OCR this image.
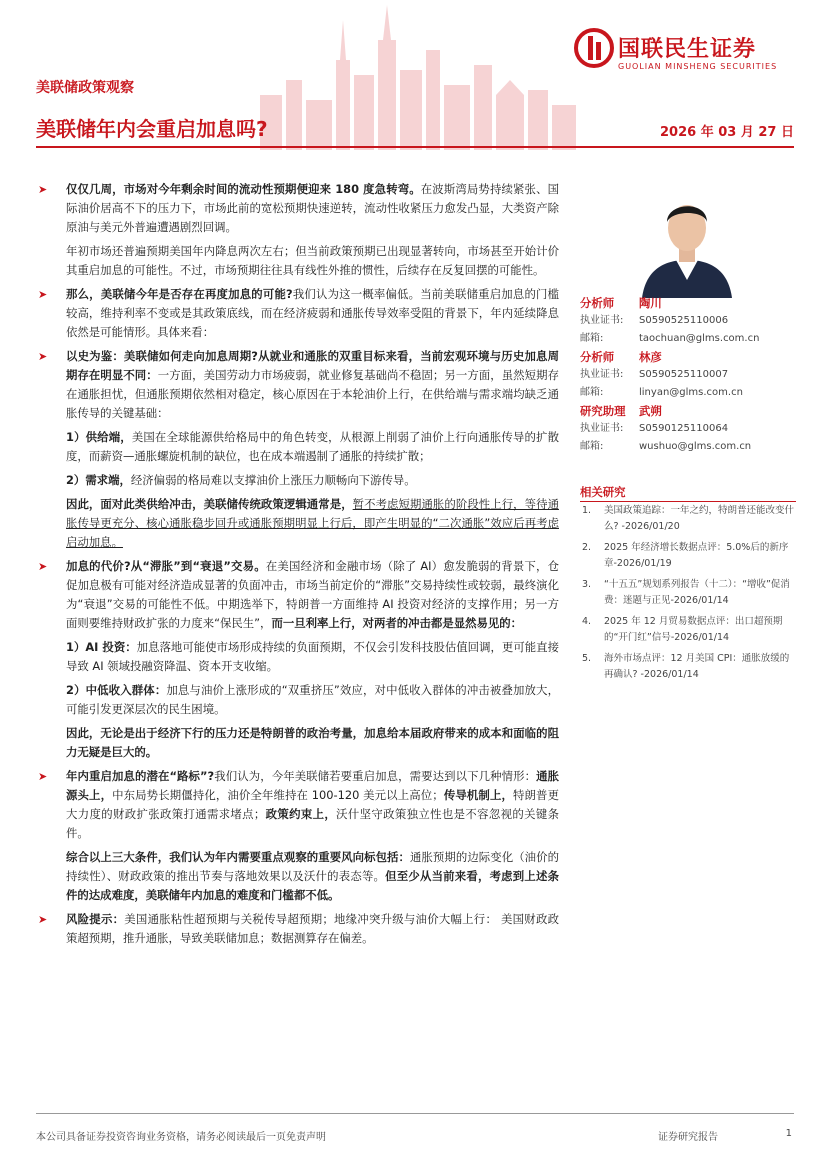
国联民生证券
GUOLIAN MINSHENG SECURITIES
美联储政策观察
美联储年内会重启加息吗?	2026 年 03 月 27 日
➤ 仅仅几周，市场对今年剩余时间的流动性预期便迎来 180 度急转弯。在波斯湾局势持续紧张、国际油价居高不下的压力下，市场此前的宽松预期快速逆转，流动性收紧压力愈发凸显，大类资产除原油与美元外普遍遭遇剧烈回调。
年初市场还普遍预期美国年内降息两次左右；但当前政策预期已出现显著转向，市场甚至开始计价其重启加息的可能性。不过，市场预期往往具有线性外推的惯性，后续存在反复回摆的可能性。
➤ 那么，美联储今年是否存在再度加息的可能?我们认为这一概率偏低。当前美联储重启加息的门槛较高，维持利率不变或是其政策底线，而在经济疲弱和通胀传导效率受阻的背景下，年内延续降息依然是可能情形。具体来看：
➤ 以史为鉴：美联储如何走向加息周期?从就业和通胀的双重目标来看，当前宏观环境与历史加息周期存在明显不同：一方面，美国劳动力市场疲弱，就业修复基础尚不稳固；另一方面，虽然短期存在通胀担忧，但通胀预期依然相对稳定，核心原因在于本轮油价上行，在供给端与需求端均缺乏通胀传导的关键基础：
1）供给端，美国在全球能源供给格局中的角色转变，从根源上削弱了油价上行向通胀传导的扩散度，而薪资—通胀螺旋机制的缺位，也在成本端遏制了通胀的持续扩散；
2）需求端，经济偏弱的格局难以支撑油价上涨压力顺畅向下游传导。
因此，面对此类供给冲击，美联储传统政策逻辑通常是，暂不考虑短期通胀的阶段性上行，等待通胀传导更充分、核心通胀稳步回升或通胀预期明显上行后，即产生明显的“二次通胀”效应后再考虑启动加息。
➤ 加息的代价?从“滞胀”到“衰退”交易。在美国经济和金融市场（除了 AI）愈发脆弱的背景下，仓促加息极有可能对经济造成显著的负面冲击，市场当前定价的“滞胀”交易持续性或较弱，最终演化为“衰退”交易的可能性不低。中期选举下，特朗普一方面维持 AI 投资对经济的支撑作用；另一方面则要维持财政扩张的力度来“保民生”，而一旦利率上行，对两者的冲击都是显然易见的：
1）AI 投资：加息落地可能使市场形成持续的负面预期，不仅会引发科技股估值回调，更可能直接导致 AI 领域投融资降温、资本开支收缩。
2）中低收入群体：加息与油价上涨形成的“双重挤压”效应，对中低收入群体的冲击被叠加放大，可能引发更深层次的民生困境。
因此，无论是出于经济下行的压力还是特朗普的政治考量，加息给本届政府带来的成本和面临的阻力无疑是巨大的。
➤ 年内重启加息的潜在“路标”?我们认为，今年美联储若要重启加息，需要达到以下几种情形：通胀源头上，中东局势长期僵持化，油价全年维持在 100-120 美元以上高位；传导机制上，特朗普更大力度的财政扩张政策打通需求堵点；政策约束上，沃什坚守政策独立性也是不容忽视的关键条件。
综合以上三大条件，我们认为年内需要重点观察的重要风向标包括：通胀预期的边际变化（油价的持续性）、财政政策的推出节奏与落地效果以及沃什的表态等。但至少从当前来看，考虑到上述条件的达成难度，美联储年内加息的难度和门槛都不低。
➤ 风险提示：美国通胀粘性超预期与关税传导超预期；地缘冲突升级与油价大幅上行： 美国财政政策超预期，推升通胀，导致美联储加息；数据测算存在偏差。
分析师 陶川
执业证书: S0590525110006
邮箱:	taochuan@glms.com.cn
分析师 林彦
执业证书: S0590525110007
邮箱:	linyan@glms.com.cn
研究助理 武朔
执业证书: S0590125110064
邮箱:	wushuo@glms.com.cn
相关研究
1. 美国政策追踪：一年之约，特朗普还能改变什么? -2026/01/20
2. 2025 年经济增长数据点评：5.0%后的新序章-2026/01/19
3. “十五五”规划系列报告（十二）：“增收”促消费：迷题与正见-2026/01/14
4. 2025 年 12 月贸易数据点评：出口超预期的“开门红”信号-2026/01/14
5. 海外市场点评：12 月美国 CPI：通胀放缓的再确认? -2026/01/14
本公司具备证券投资咨询业务资格，请务必阅读最后一页免责声明	证券研究报告	1
